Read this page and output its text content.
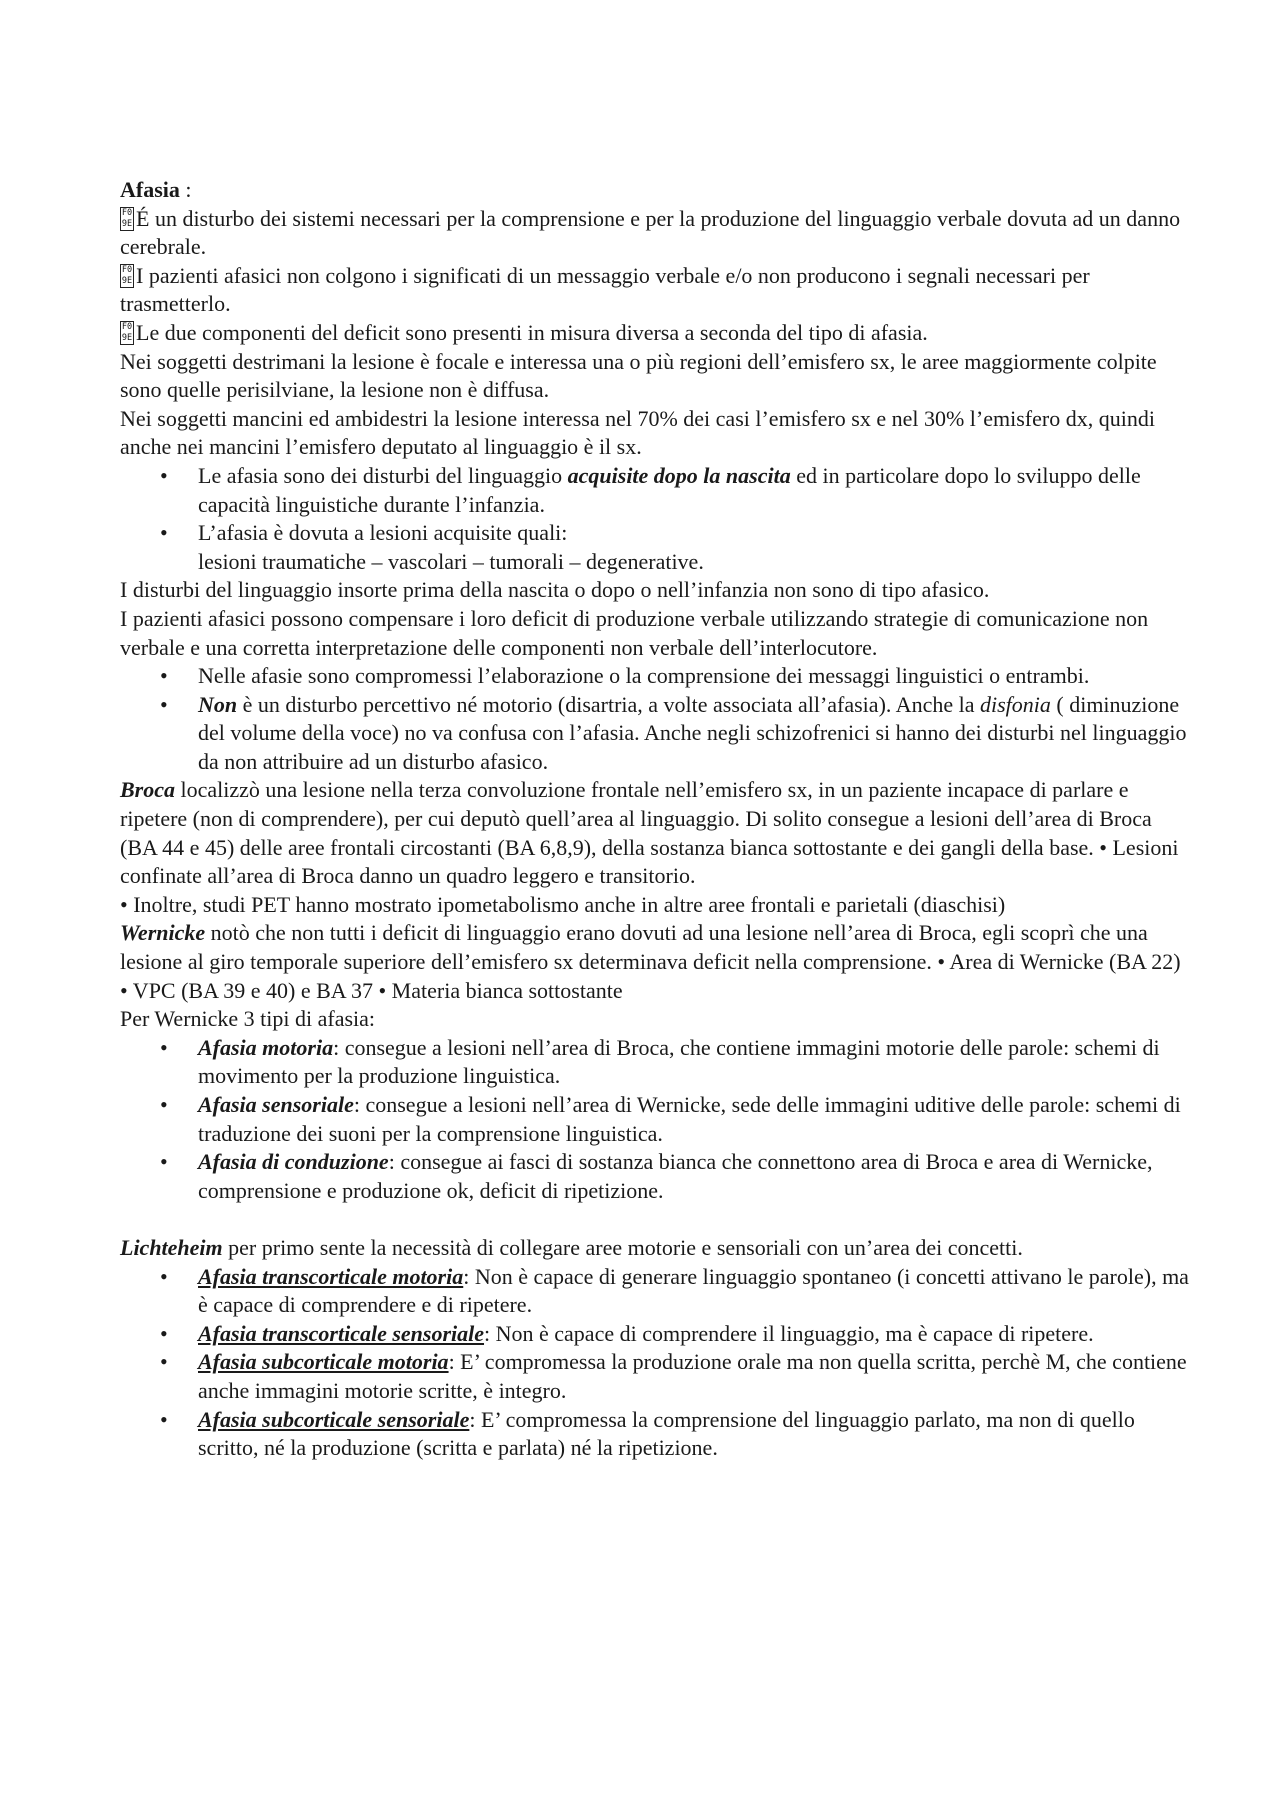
Afasia :

F0
9E É un disturbo dei sistemi necessari per la comprensione e per la produzione del linguaggio verbale dovuta ad un danno cerebrale.

F0
9E I pazienti afasici non colgono i significati di un messaggio verbale e/o non producono i segnali necessari per trasmetterlo.

F0
9E Le due componenti del deficit sono presenti in misura diversa a seconda del tipo di afasia.

Nei soggetti destrimani la lesione è focale e interessa una o più regioni dell’emisfero sx, le aree maggiormente colpite sono quelle perisilviane, la lesione non è diffusa.

Nei soggetti mancini ed ambidestri la lesione interessa nel 70% dei casi l’emisfero sx e nel 30% l’emisfero dx, quindi anche nei mancini l’emisfero deputato al linguaggio è il sx.

• Le afasia sono dei disturbi del linguaggio acquisite dopo la nascita ed in particolare dopo lo sviluppo delle capacità linguistiche durante l’infanzia.
• L’afasia è dovuta a lesioni acquisite quali:
lesioni traumatiche – vascolari – tumorali – degenerative.

I disturbi del linguaggio insorte prima della nascita o dopo o nell’infanzia non sono di tipo afasico.

I pazienti afasici possono compensare i loro deficit di produzione verbale utilizzando strategie di comunicazione non verbale e una corretta interpretazione delle componenti non verbale dell’interlocutore.

• Nelle afasie sono compromessi l’elaborazione o la comprensione dei messaggi linguistici o entrambi.
• Non è un disturbo percettivo né motorio (disartria, a volte associata all’afasia). Anche la disfonia ( diminuzione del volume della voce) no va confusa con l’afasia. Anche negli schizofrenici si hanno dei disturbi nel linguaggio da non attribuire ad un disturbo afasico.

Broca localizzò una lesione nella terza convoluzione frontale nell’emisfero sx, in un paziente incapace di parlare e ripetere (non di comprendere), per cui deputò quell’area al linguaggio. Di solito consegue a lesioni dell’area di Broca (BA 44 e 45) delle aree frontali circostanti (BA 6,8,9), della sostanza bianca sottostante e dei gangli della base. • Lesioni confinate all’area di Broca danno un quadro leggero e transitorio.

• Inoltre, studi PET hanno mostrato ipometabolismo anche in altre aree frontali e parietali (diaschisi)

Wernicke notò che non tutti i deficit di linguaggio erano dovuti ad una lesione nell’area di Broca, egli scoprì che una lesione al giro temporale superiore dell’emisfero sx determinava deficit nella comprensione. • Area di Wernicke (BA 22) • VPC (BA 39 e 40) e BA 37 • Materia bianca sottostante

Per Wernicke 3 tipi di afasia:

• Afasia motoria: consegue a lesioni nell’area di Broca, che contiene immagini motorie delle parole: schemi di movimento per la produzione linguistica.
• Afasia sensoriale: consegue a lesioni nell’area di Wernicke, sede delle immagini uditive delle parole: schemi di traduzione dei suoni per la comprensione linguistica.
• Afasia di conduzione: consegue ai fasci di sostanza bianca che connettono area di Broca e area di Wernicke, comprensione e produzione ok, deficit di ripetizione.

Lichteheim per primo sente la necessità di collegare aree motorie e sensoriali con un’area dei concetti.

• Afasia transcorticale motoria: Non è capace di generare linguaggio spontaneo (i concetti attivano le parole), ma è capace di comprendere e di ripetere.
• Afasia transcorticale sensoriale: Non è capace di comprendere il linguaggio, ma è capace di ripetere.
• Afasia subcorticale motoria: E’ compromessa la produzione orale ma non quella scritta, perchè M, che contiene anche immagini motorie scritte, è integro.
• Afasia subcorticale sensoriale: E’ compromessa la comprensione del linguaggio parlato, ma non di quello scritto, né la produzione (scritta e parlata) né la ripetizione.
